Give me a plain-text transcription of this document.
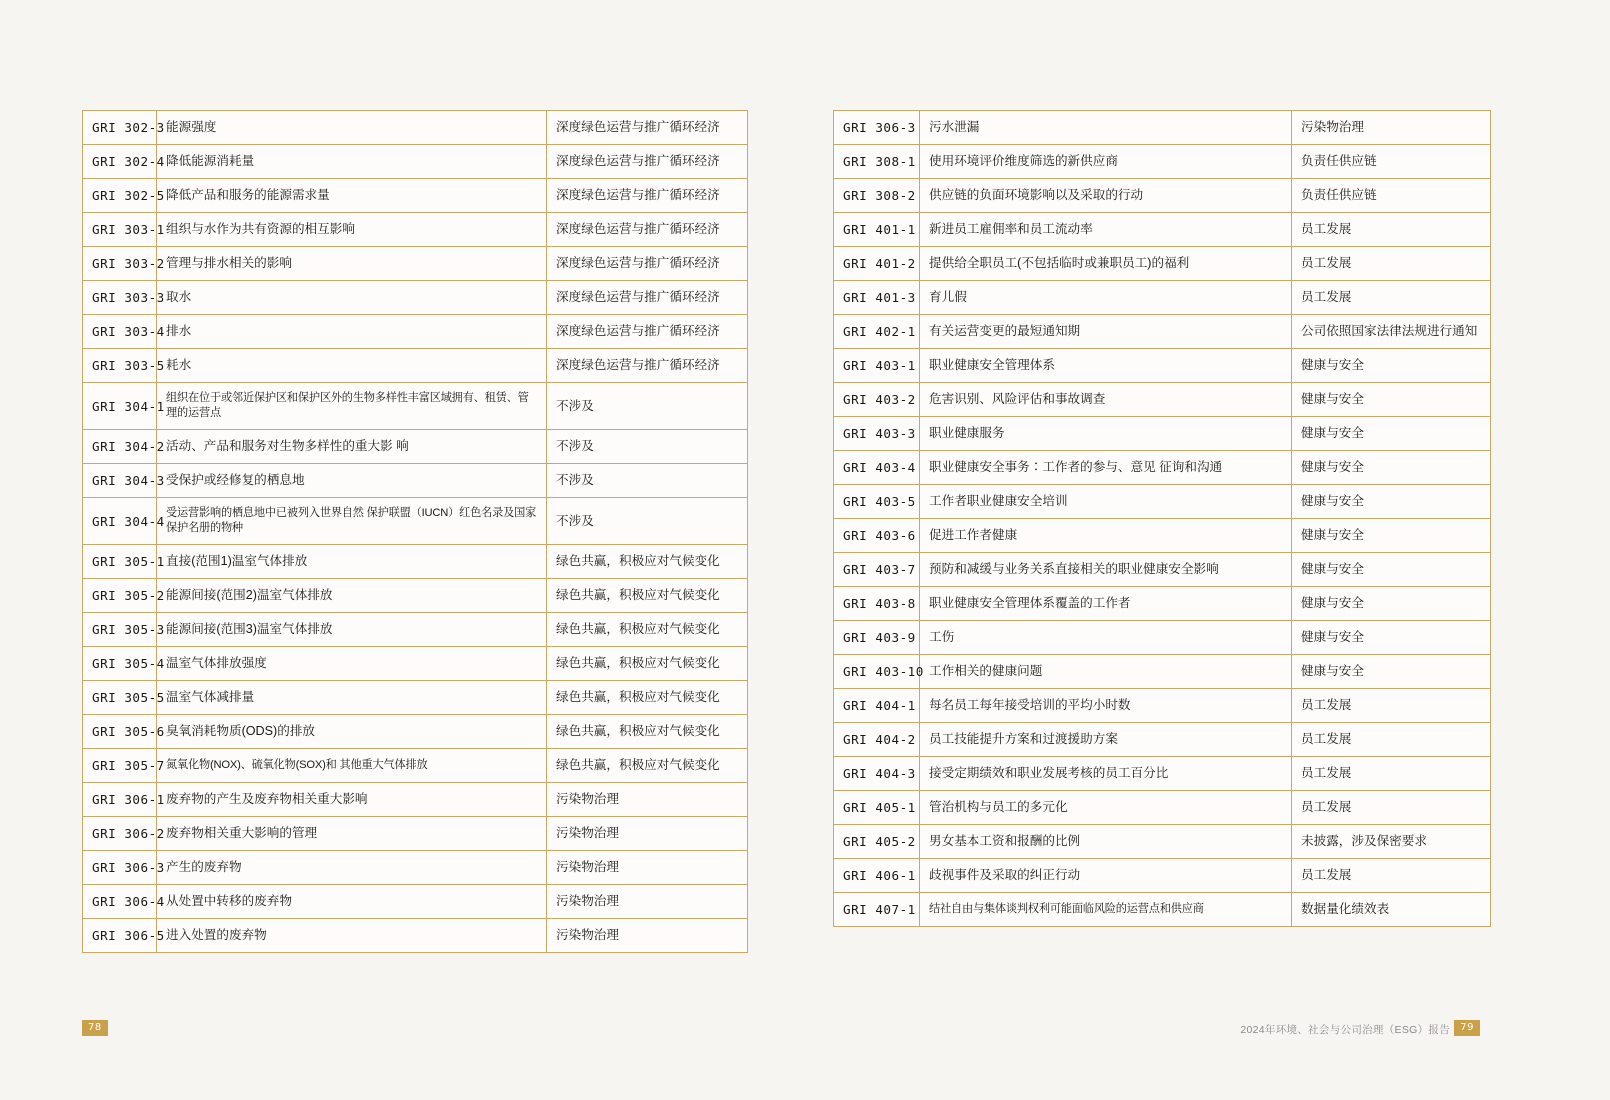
GRI 302-3	能源强度	深度绿色运营与推广循环经济
GRI 302-4	降低能源消耗量	深度绿色运营与推广循环经济
GRI 302-5	降低产品和服务的能源需求量	深度绿色运营与推广循环经济
GRI 303-1	组织与水作为共有资源的相互影响	深度绿色运营与推广循环经济
GRI 303-2	管理与排水相关的影响	深度绿色运营与推广循环经济
GRI 303-3	取水	深度绿色运营与推广循环经济
GRI 303-4	排水	深度绿色运营与推广循环经济
GRI 303-5	耗水	深度绿色运营与推广循环经济
GRI 304-1	组织在位于或邻近保护区和保护区外的生物多样性丰富区域拥有、租赁、管理的运营点	不涉及
GRI 304-2	活动、产品和服务对生物多样性的重大影 响	不涉及
GRI 304-3	受保护或经修复的栖息地	不涉及
GRI 304-4	受运营影响的栖息地中已被列入世界自然 保护联盟（IUCN）红色名录及国家保护名册的物种	不涉及
GRI 305-1	直接(范围1)温室气体排放	绿色共赢，积极应对气候变化
GRI 305-2	能源间接(范围2)温室气体排放	绿色共赢，积极应对气候变化
GRI 305-3	能源间接(范围3)温室气体排放	绿色共赢，积极应对气候变化
GRI 305-4	温室气体排放强度	绿色共赢，积极应对气候变化
GRI 305-5	温室气体减排量	绿色共赢，积极应对气候变化
GRI 305-6	臭氧消耗物质(ODS)的排放	绿色共赢，积极应对气候变化
GRI 305-7	氮氧化物(NOX)、硫氧化物(SOX)和 其他重大气体排放	绿色共赢，积极应对气候变化
GRI 306-1	废弃物的产生及废弃物相关重大影响	污染物治理
GRI 306-2	废弃物相关重大影响的管理	污染物治理
GRI 306-3	产生的废弃物	污染物治理
GRI 306-4	从处置中转移的废弃物	污染物治理
GRI 306-5	进入处置的废弃物	污染物治理
GRI 306-3	污水泄漏	污染物治理
GRI 308-1	使用环境评价维度筛选的新供应商	负责任供应链
GRI 308-2	供应链的负面环境影响以及采取的行动	负责任供应链
GRI 401-1	新进员工雇佣率和员工流动率	员工发展
GRI 401-2	提供给全职员工(不包括临时或兼职员工)的福利	员工发展
GRI 401-3	育儿假	员工发展
GRI 402-1	有关运营变更的最短通知期	公司依照国家法律法规进行通知
GRI 403-1	职业健康安全管理体系	健康与安全
GRI 403-2	危害识别、风险评估和事故调查	健康与安全
GRI 403-3	职业健康服务	健康与安全
GRI 403-4	职业健康安全事务∶工作者的参与、意见 征询和沟通	健康与安全
GRI 403-5	工作者职业健康安全培训	健康与安全
GRI 403-6	促进工作者健康	健康与安全
GRI 403-7	预防和减缓与业务关系直接相关的职业健康安全影响	健康与安全
GRI 403-8	职业健康安全管理体系覆盖的工作者	健康与安全
GRI 403-9	工伤	健康与安全
GRI 403-10	工作相关的健康问题	健康与安全
GRI 404-1	每名员工每年接受培训的平均小时数	员工发展
GRI 404-2	员工技能提升方案和过渡援助方案	员工发展
GRI 404-3	接受定期绩效和职业发展考核的员工百分比	员工发展
GRI 405-1	管治机构与员工的多元化	员工发展
GRI 405-2	男女基本工资和报酬的比例	未披露，涉及保密要求
GRI 406-1	歧视事件及采取的纠正行动	员工发展
GRI 407-1	结社自由与集体谈判权利可能面临风险的运营点和供应商	数据量化绩效表
78	2024年环境、社会与公司治理（ESG）报告	79
